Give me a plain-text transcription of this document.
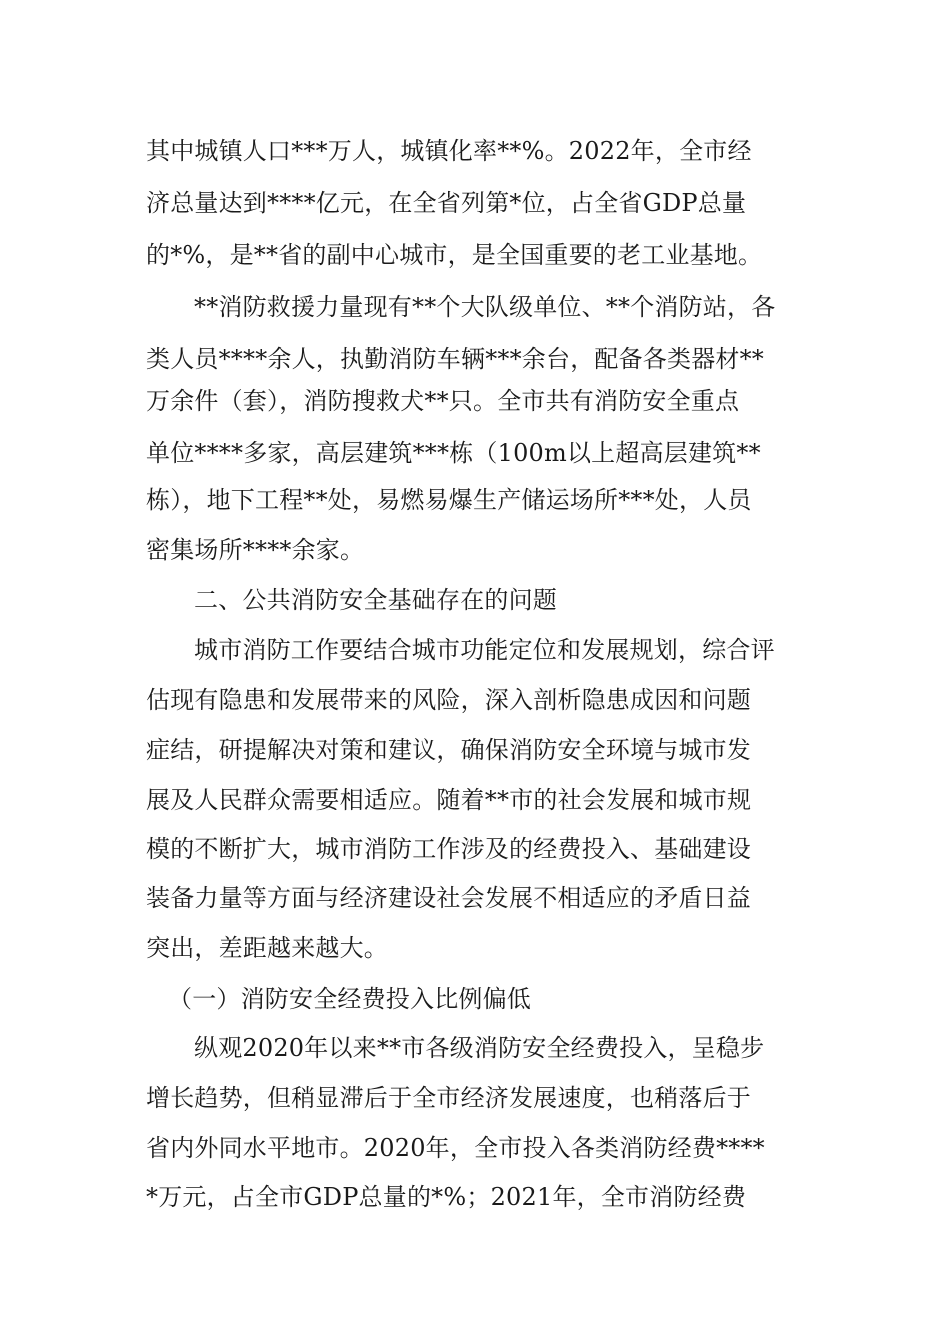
其中城镇人口***万人，城镇化率**%。2022年，全市经
济总量达到****亿元，在全省列第*位，占全省GDP总量
的*%，是**省的副中心城市，是全国重要的老工业基地。
**消防救援力量现有**个大队级单位、**个消防站，各
类人员****余人，执勤消防车辆***余台，配备各类器材**
万余件（套），消防搜救犬**只。全市共有消防安全重点
单位****多家，高层建筑***栋（100m以上超高层建筑**
栋），地下工程**处，易燃易爆生产储运场所***处，人员
密集场所****余家。
二、公共消防安全基础存在的问题
城市消防工作要结合城市功能定位和发展规划，综合评
估现有隐患和发展带来的风险，深入剖析隐患成因和问题
症结，研提解决对策和建议，确保消防安全环境与城市发
展及人民群众需要相适应。随着**市的社会发展和城市规
模的不断扩大，城市消防工作涉及的经费投入、基础建设
装备力量等方面与经济建设社会发展不相适应的矛盾日益
突出，差距越来越大。
（一）消防安全经费投入比例偏低
纵观2020年以来**市各级消防安全经费投入，呈稳步
增长趋势，但稍显滞后于全市经济发展速度，也稍落后于
省内外同水平地市。2020年，全市投入各类消防经费****
*万元，占全市GDP总量的*%；2021年，全市消防经费
